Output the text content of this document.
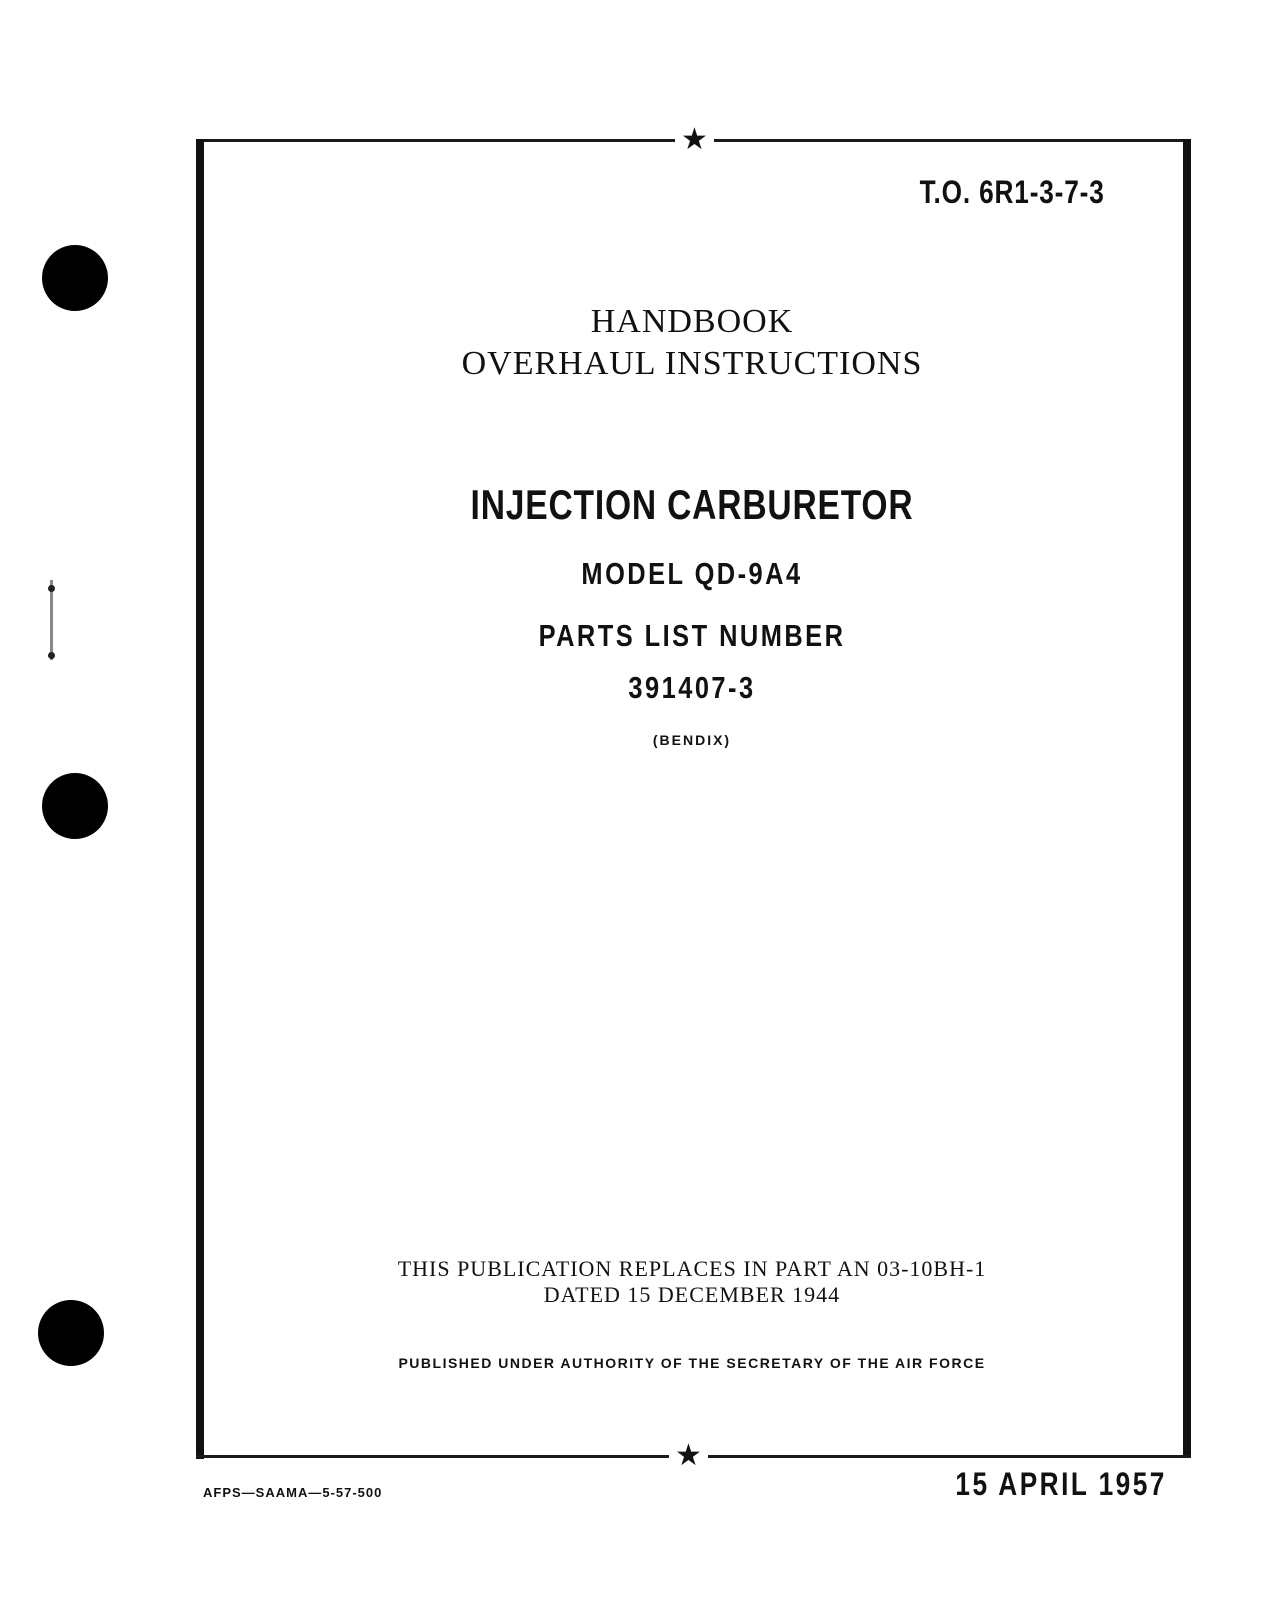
★
★
T.O. 6R1-3-7-3
HANDBOOK
OVERHAUL INSTRUCTIONS
INJECTION CARBURETOR
MODEL QD-9A4
PARTS LIST NUMBER
391407-3
(BENDIX)
THIS PUBLICATION REPLACES IN PART AN 03-10BH-1
DATED 15 DECEMBER 1944
PUBLISHED UNDER AUTHORITY OF THE SECRETARY OF THE AIR FORCE
AFPS—SAAMA—5-57-500	15 APRIL 1957
